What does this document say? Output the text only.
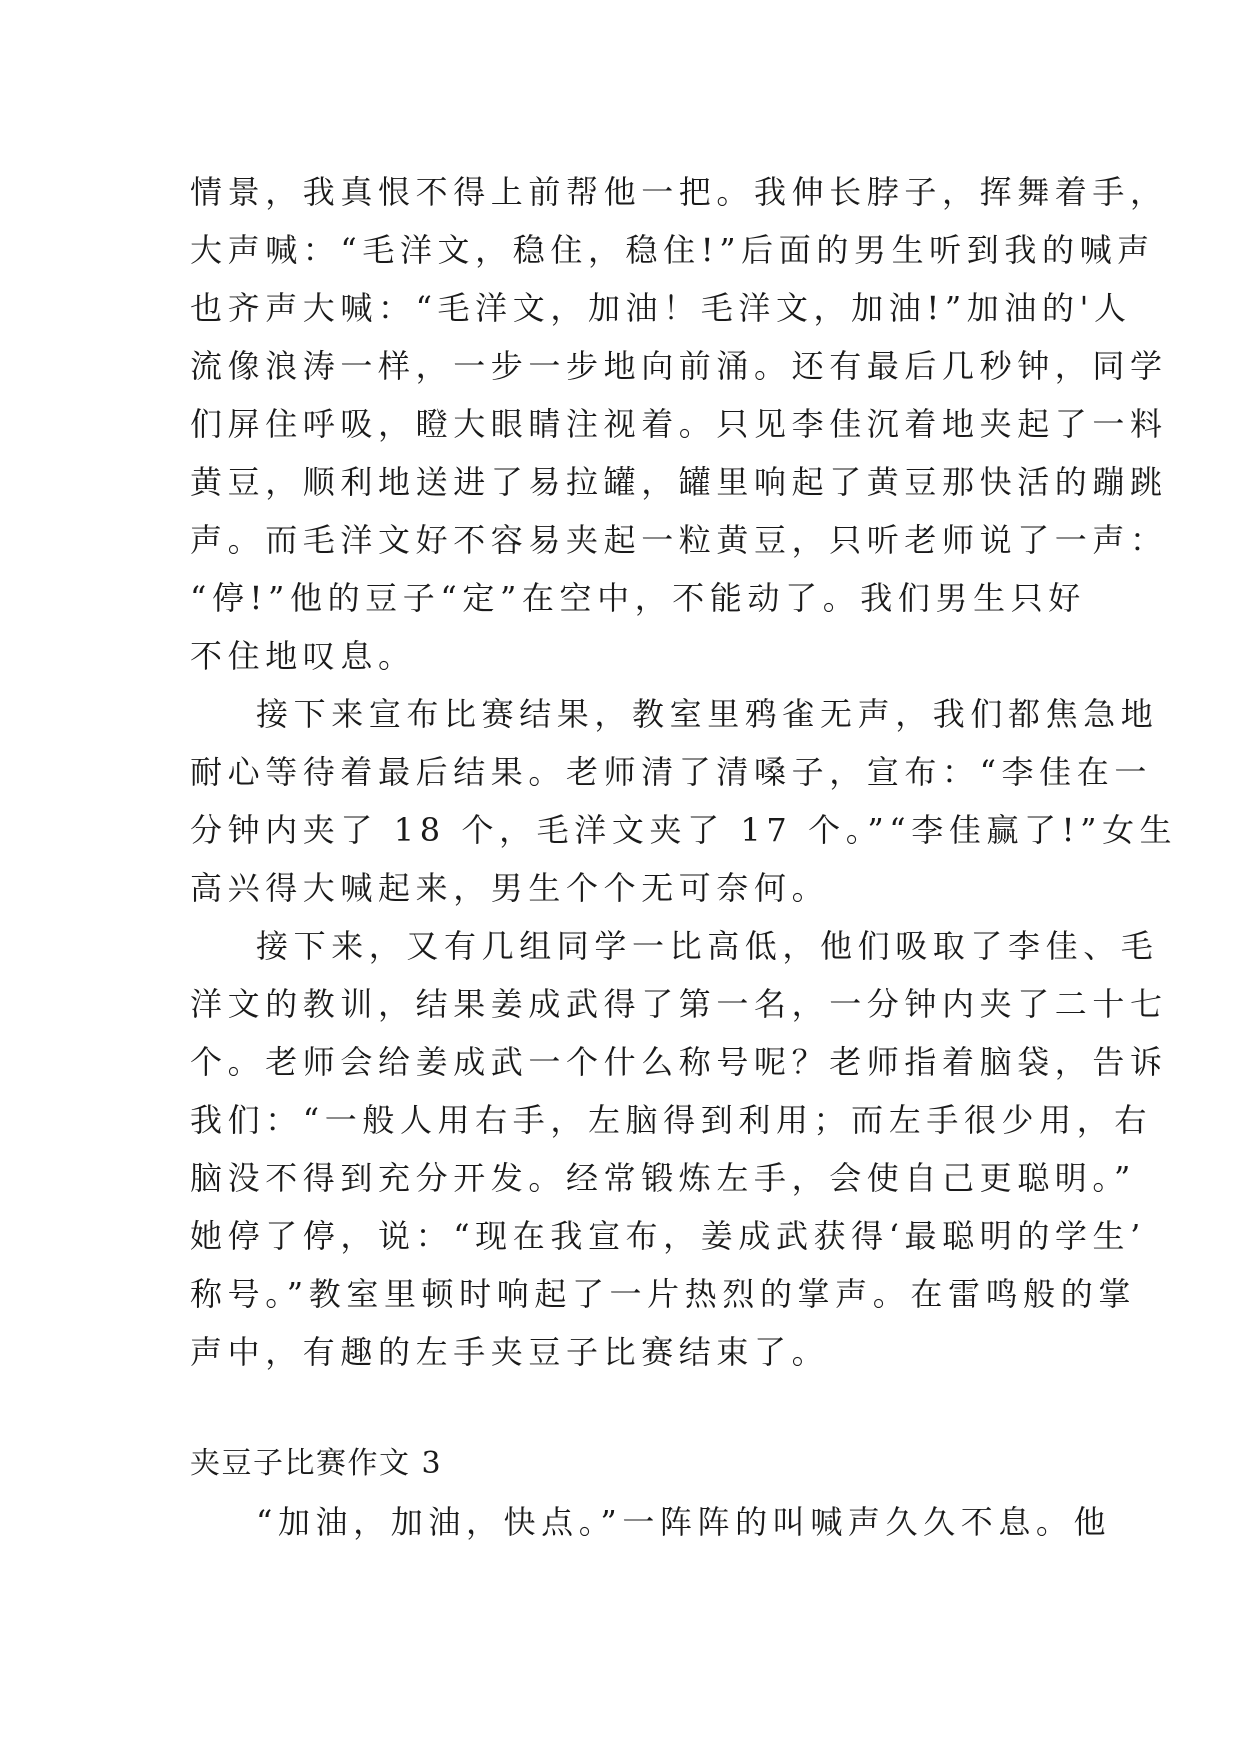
情景，我真恨不得上前帮他一把。我伸长脖子，挥舞着手，
大声喊：“毛洋文，稳住，稳住!”后面的男生听到我的喊声
也齐声大喊：“毛洋文，加油！毛洋文，加油!”加油的'人
流像浪涛一样，一步一步地向前涌。还有最后几秒钟，同学
们屏住呼吸，瞪大眼睛注视着。只见李佳沉着地夹起了一料
黄豆，顺利地送进了易拉罐，罐里响起了黄豆那快活的蹦跳
声。而毛洋文好不容易夹起一粒黄豆，只听老师说了一声：
“停!”他的豆子“定”在空中，不能动了。我们男生只好
不住地叹息。
接下来宣布比赛结果，教室里鸦雀无声，我们都焦急地
耐心等待着最后结果。老师清了清嗓子，宣布：“李佳在一
分钟内夹了 18 个，毛洋文夹了 17 个。”“李佳赢了!”女生
高兴得大喊起来，男生个个无可奈何。
接下来，又有几组同学一比高低，他们吸取了李佳、毛
洋文的教训，结果姜成武得了第一名，一分钟内夹了二十七
个。老师会给姜成武一个什么称号呢？老师指着脑袋，告诉
我们：“一般人用右手，左脑得到利用；而左手很少用，右
脑没不得到充分开发。经常锻炼左手，会使自己更聪明。”
她停了停，说：“现在我宣布，姜成武获得‘最聪明的学生’
称号。”教室里顿时响起了一片热烈的掌声。在雷鸣般的掌
声中，有趣的左手夹豆子比赛结束了。
夹豆子比赛作文 3
“加油，加油，快点。”一阵阵的叫喊声久久不息。他
